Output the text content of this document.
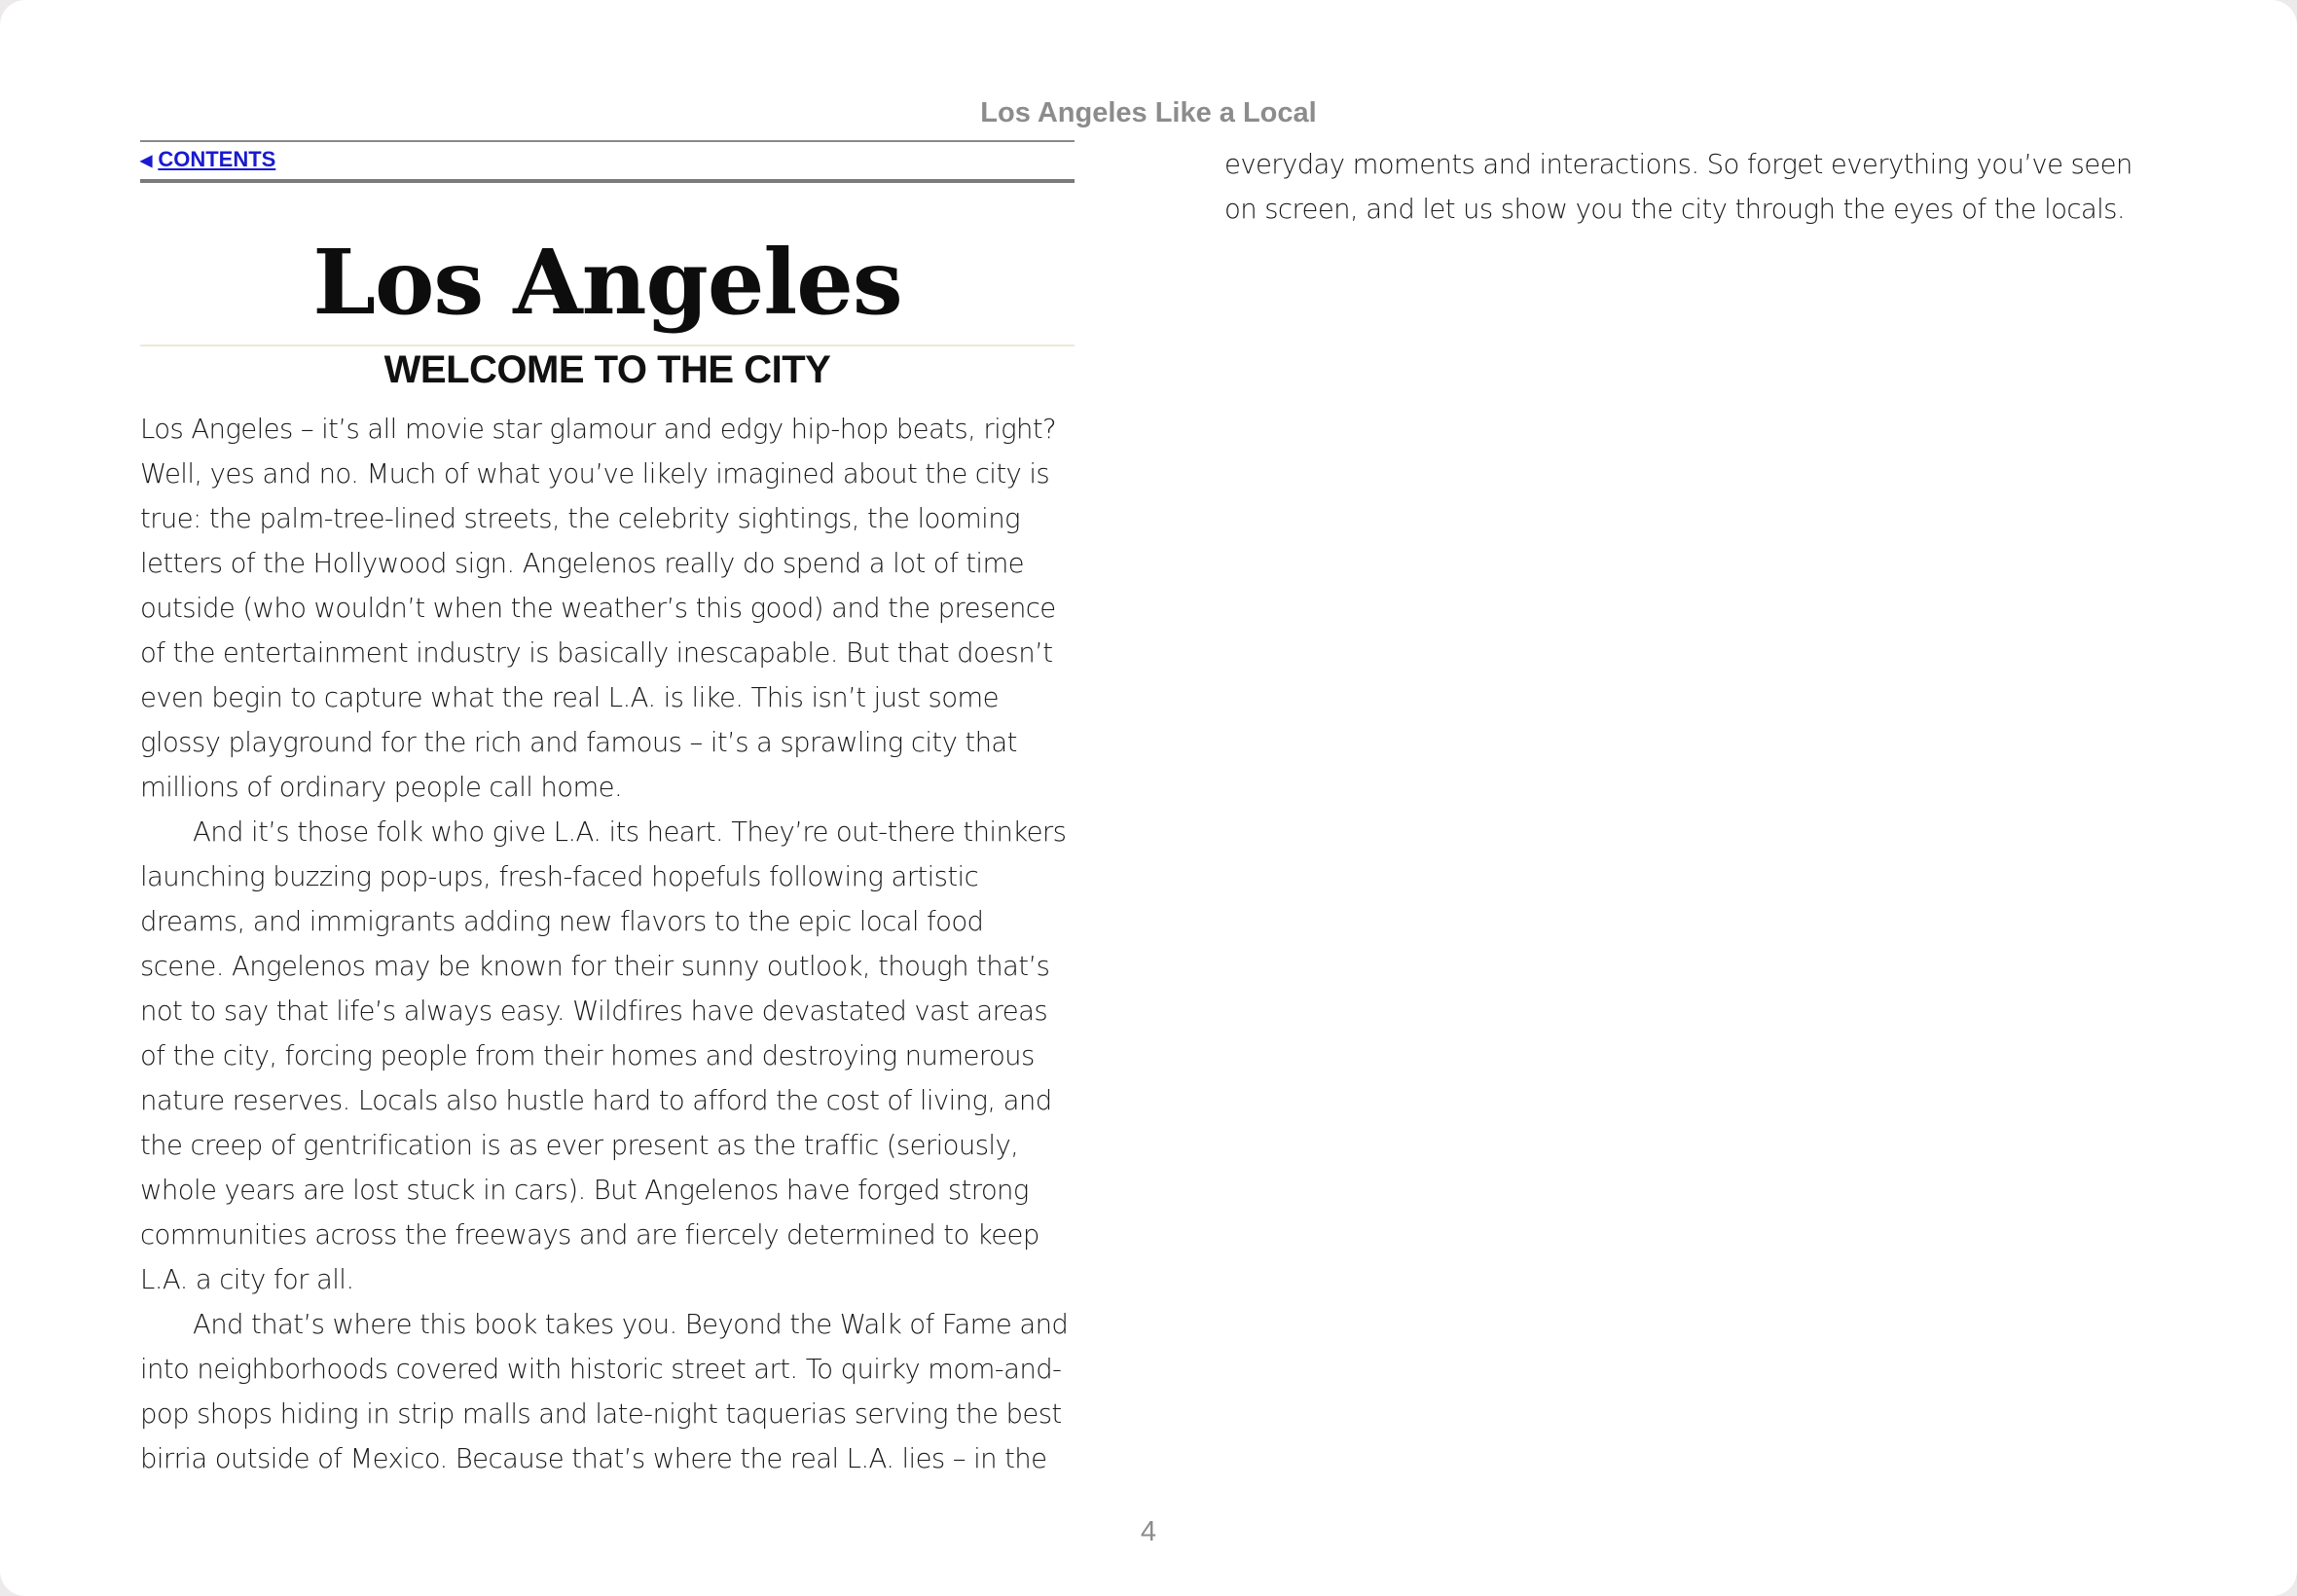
Los Angeles Like a Local
◀ CONTENTS
Los Angeles
WELCOME TO THE CITY

Los Angeles – it’s all movie star glamour and edgy hip-hop beats, right? Well, yes and no. Much of what you’ve likely imagined about the city is true: the palm-tree-lined streets, the celebrity sightings, the looming letters of the Hollywood sign. Angelenos really do spend a lot of time outside (who wouldn’t when the weather’s this good) and the presence of the entertainment industry is basically inescapable. But that doesn’t even begin to capture what the real L.A. is like. This isn’t just some glossy playground for the rich and famous – it’s a sprawling city that millions of ordinary people call home.

And it’s those folk who give L.A. its heart. They’re out-there thinkers launching buzzing pop-ups, fresh-faced hopefuls following artistic dreams, and immigrants adding new flavors to the epic local food scene. Angelenos may be known for their sunny outlook, though that’s not to say that life’s always easy. Wildfires have devastated vast areas of the city, forcing people from their homes and destroying numerous nature reserves. Locals also hustle hard to afford the cost of living, and the creep of gentrification is as ever present as the traffic (seriously, whole years are lost stuck in cars). But Angelenos have forged strong communities across the freeways and are fiercely determined to keep L.A. a city for all.

And that’s where this book takes you. Beyond the Walk of Fame and into neighborhoods covered with historic street art. To quirky mom-and-pop shops hiding in strip malls and late-night taquerias serving the best birria outside of Mexico. Because that’s where the real L.A. lies – in the

everyday moments and interactions. So forget everything you’ve seen on screen, and let us show you the city through the eyes of the locals.

4
